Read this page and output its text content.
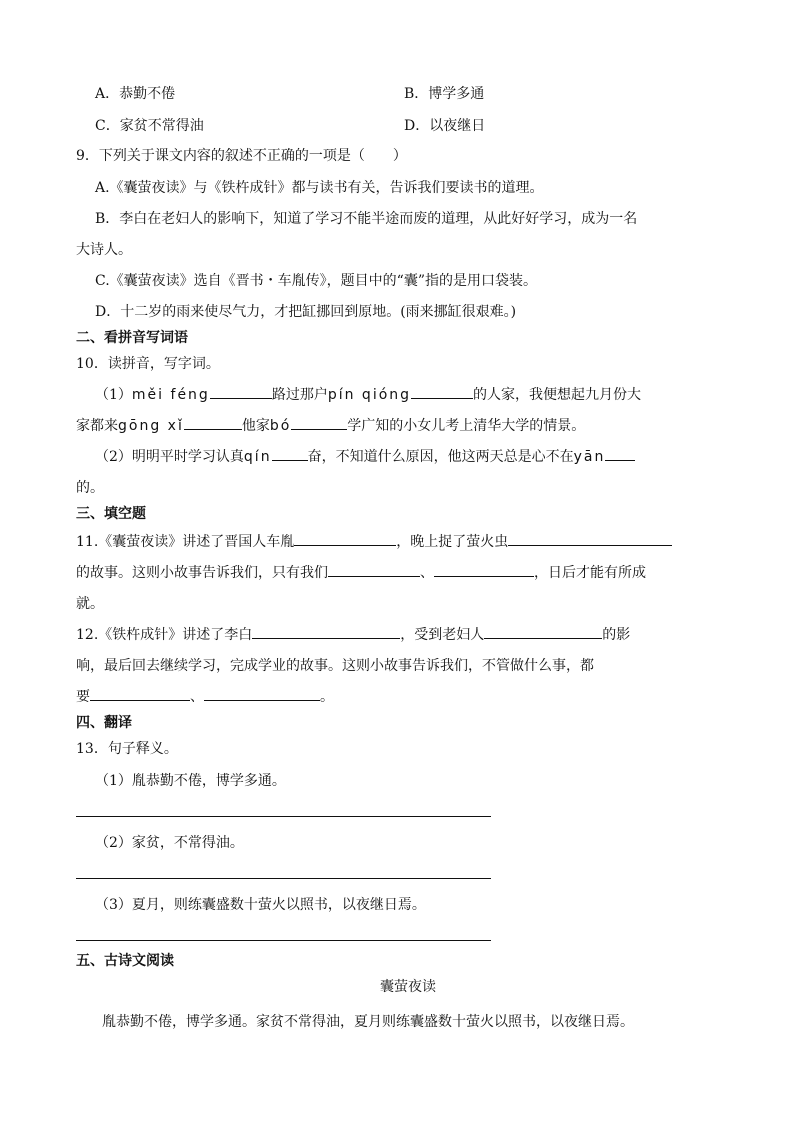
A．恭勤不倦	B．博学多通
C．家贫不常得油	D．以夜继日
9．下列关于课文内容的叙述不正确的一项是（　　）
A.《囊萤夜读》与《铁杵成针》都与读书有关，告诉我们要读书的道理。
B．李白在老妇人的影响下，知道了学习不能半途而废的道理，从此好好学习，成为一名
大诗人。
C.《囊萤夜读》选自《晋书・车胤传》，题目中的“囊”指的是用口袋装。
D．十二岁的雨来使尽气力，才把缸挪回到原地。(雨来挪缸很艰难。)
二、看拼音写词语
10．读拼音，写字词。
（1）měi féng	路过那户pín qióng	的人家，我便想起九月份大
家都来gōng xǐ	他家bó	学广知的小女儿考上清华大学的情景。
（2）明明平时学习认真qín	奋，不知道什么原因，他这两天总是心不在yān
的。
三、填空题
11.《囊萤夜读》讲述了晋国人车胤	，晚上捉了萤火虫
的故事。这则小故事告诉我们，只有我们	、	，日后才能有所成
就。
12.《铁杵成针》讲述了李白	，受到老妇人	的影
响，最后回去继续学习，完成学业的故事。这则小故事告诉我们，不管做什么事，都
要	、	。
四、翻译
13．句子释义。
（1）胤恭勤不倦，博学多通。
（2）家贫，不常得油。
（3）夏月，则练囊盛数十萤火以照书，以夜继日焉。
五、古诗文阅读
囊萤夜读
胤恭勤不倦，博学多通。家贫不常得油，夏月则练囊盛数十萤火以照书，以夜继日焉。
